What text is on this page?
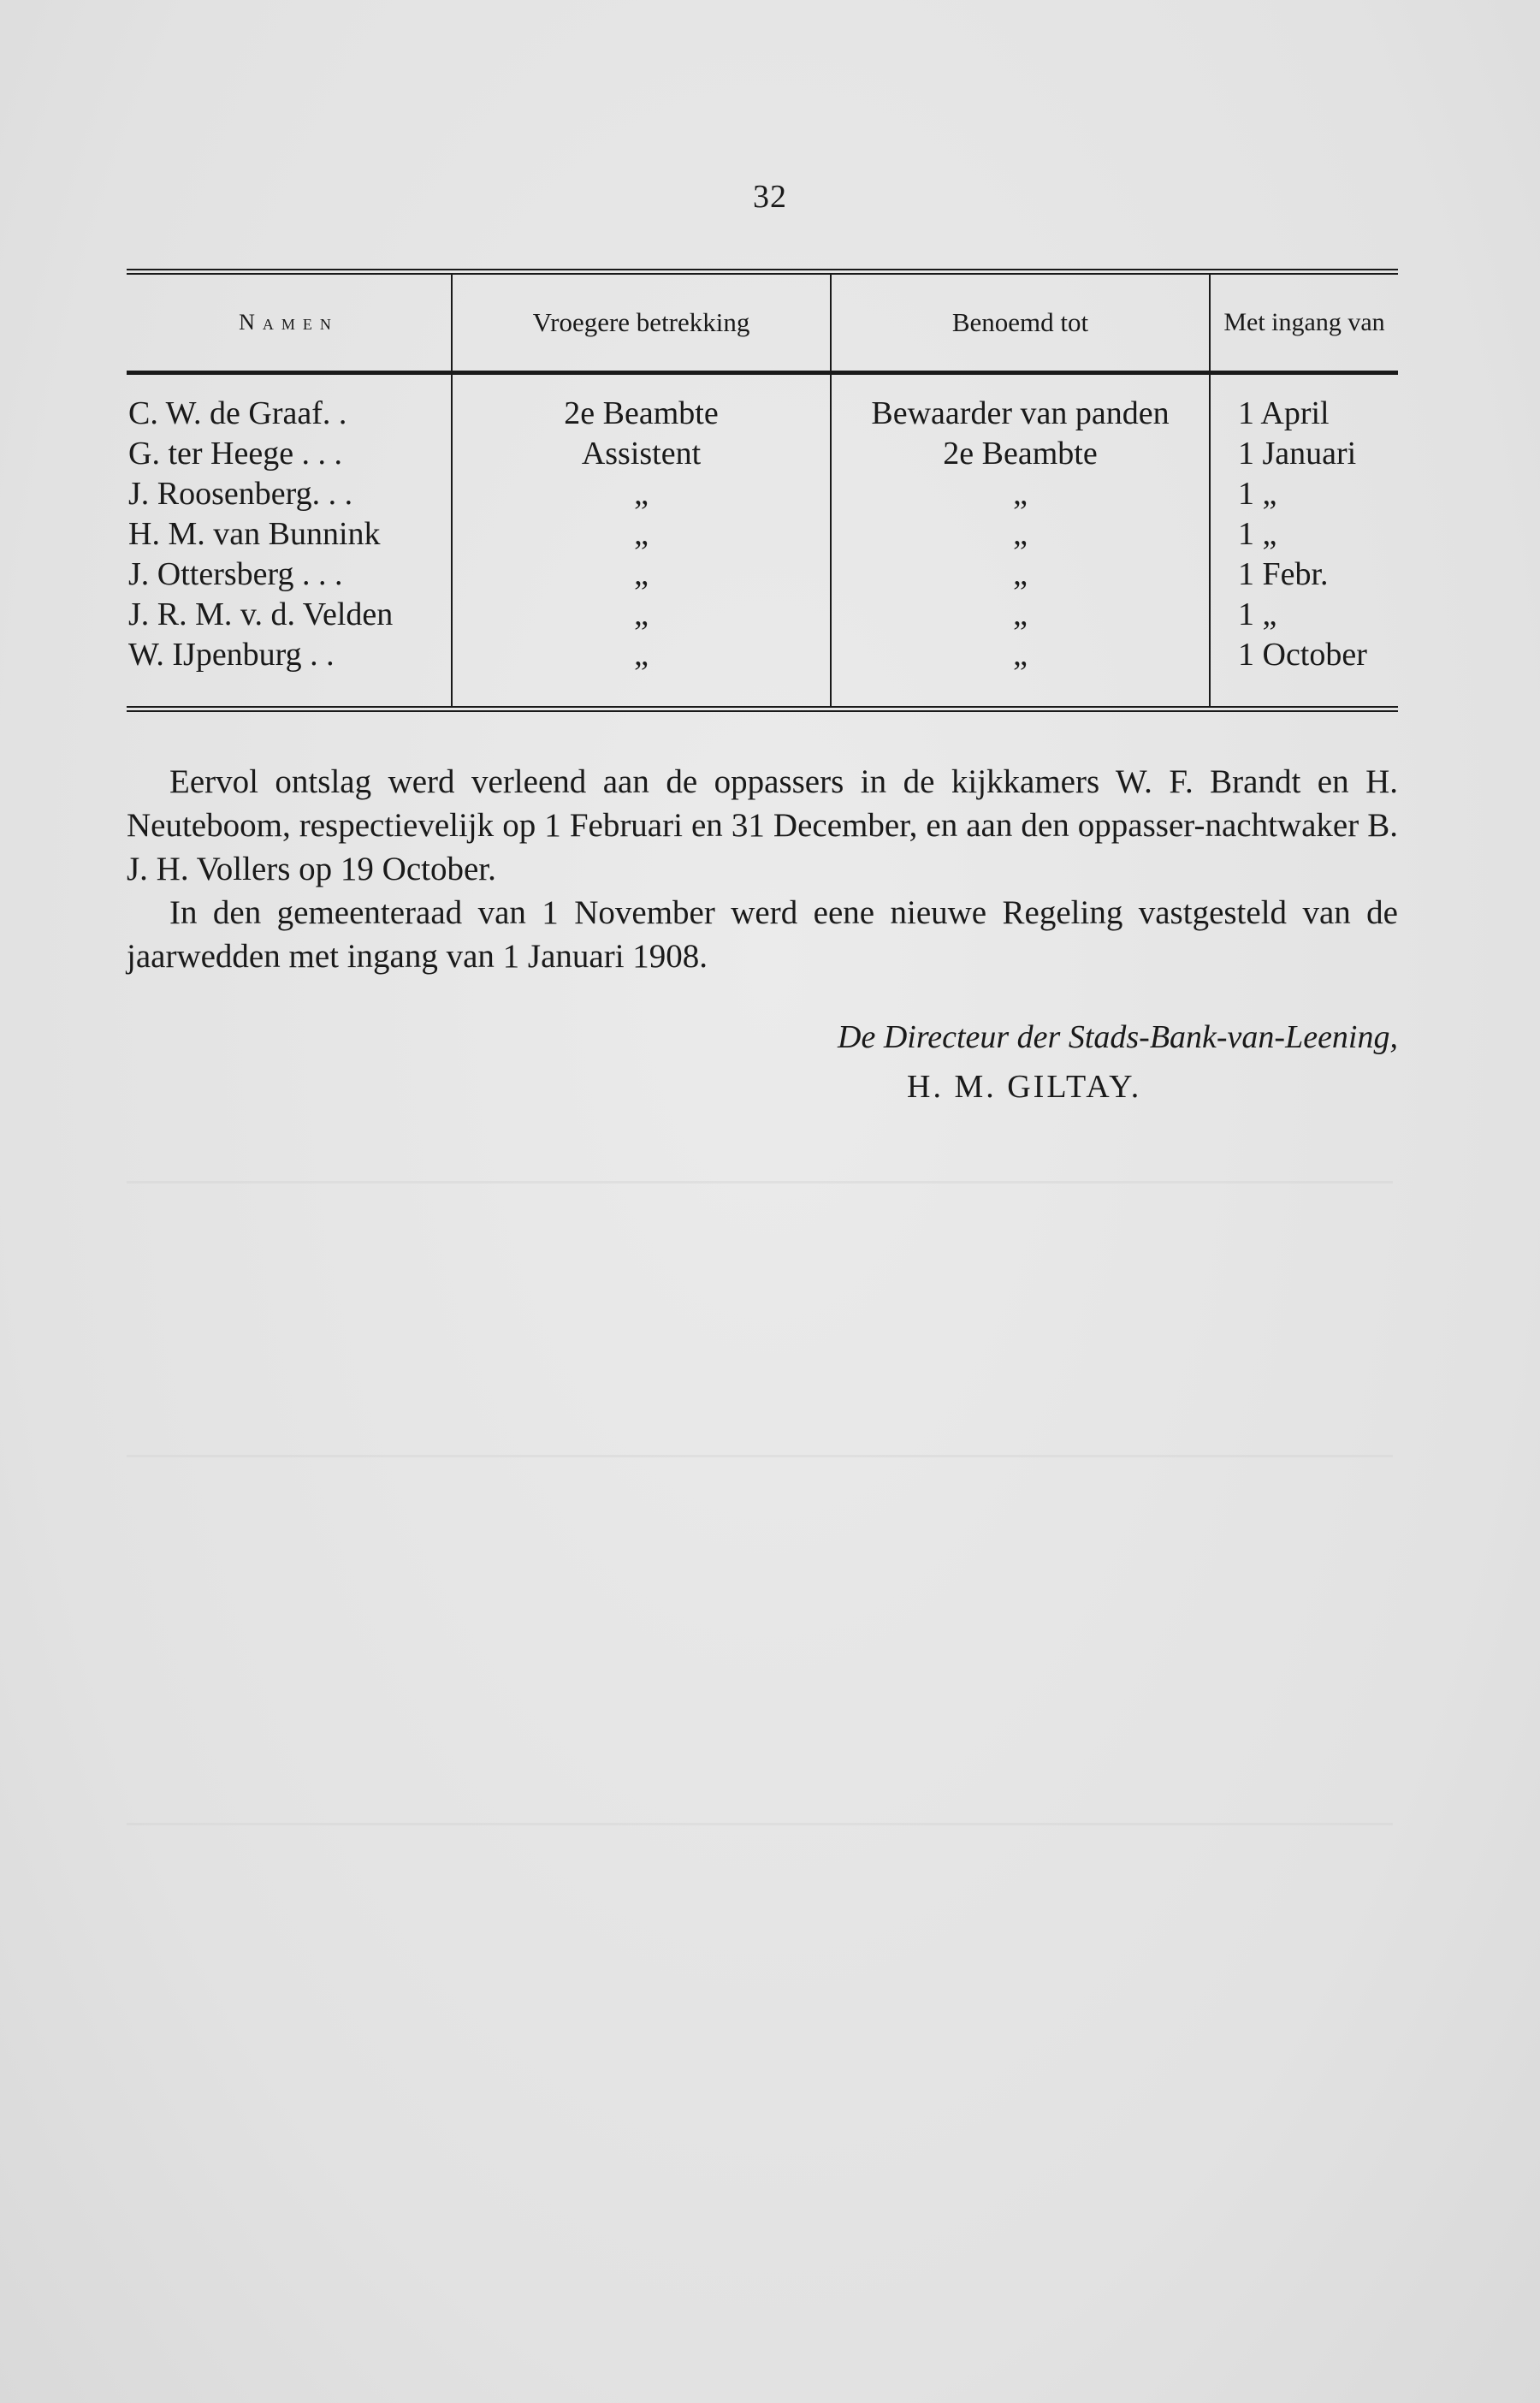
32
Namen	Vroegere betrekking	Benoemd tot	Met ingang van
C. W. de Graaf. .	2e Beambte	Bewaarder van panden	1 April
G. ter Heege . . .	Assistent	2e Beambte	1 Januari
J. Roosenberg. . .	„	„	1 „
H. M. van Bunnink	„	„	1 „
J. Ottersberg . . .	„	„	1 Febr.
J. R. M. v. d. Velden	„	„	1 „
W. IJpenburg . .	„	„	1 October

Eervol ontslag werd verleend aan de oppassers in de kijkkamers W. F. Brandt en H. Neuteboom, respectievelijk op 1 Februari en 31 December, en aan den oppasser-nachtwaker B. J. H. Vollers op 19 October.

In den gemeenteraad van 1 November werd eene nieuwe Regeling vastgesteld van de jaarwedden met ingang van 1 Januari 1908.

De Directeur der Stads-Bank-van-Leening,
H. M. GILTAY.
